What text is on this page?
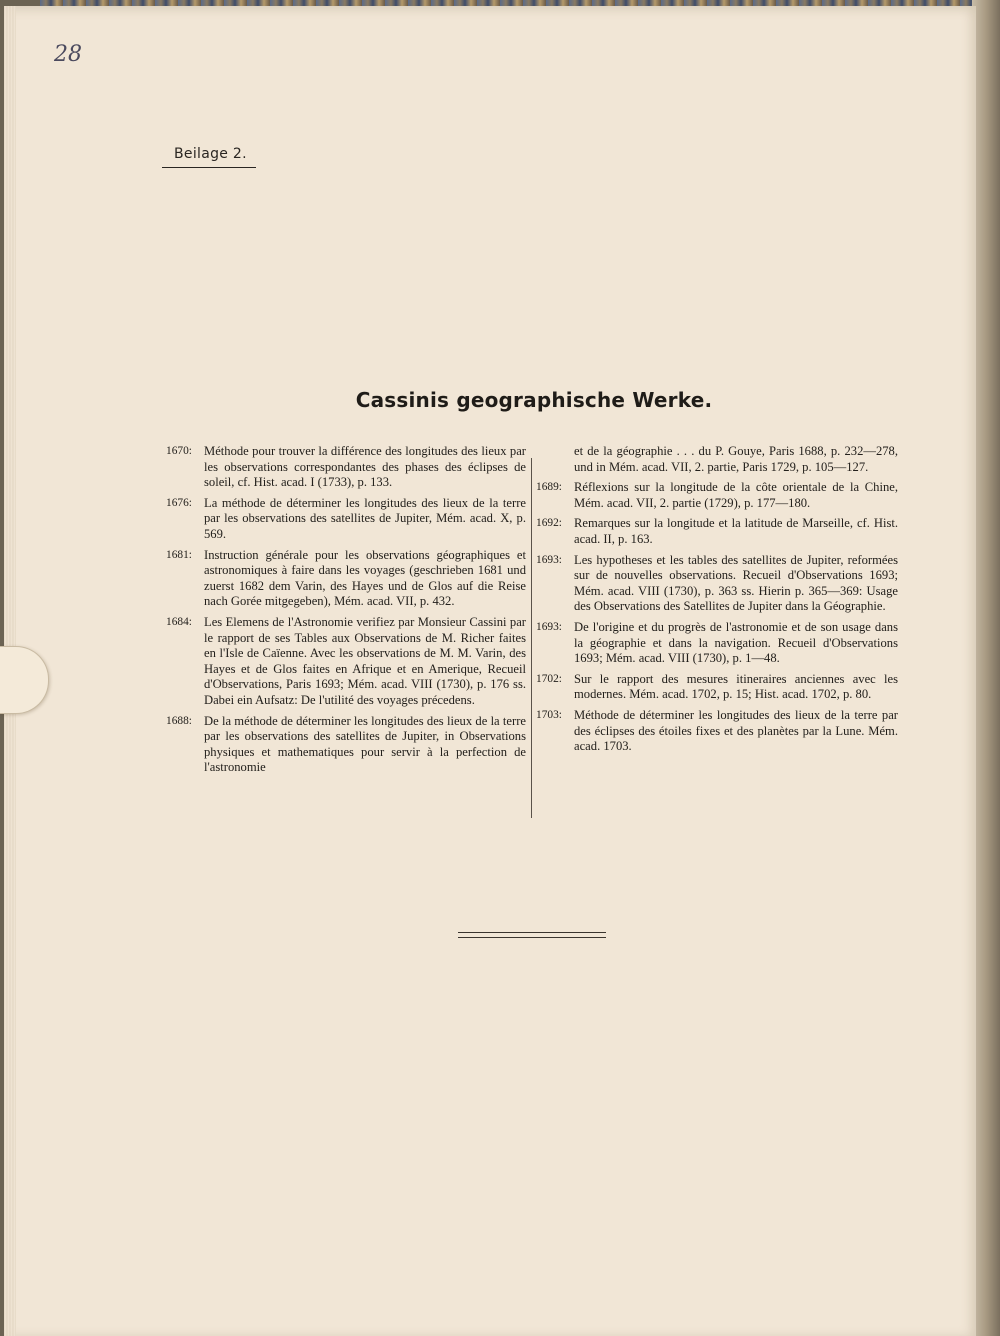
28

Beilage 2.

Cassinis geographische Werke.
1670: Méthode pour trouver la différence des longitudes des lieux par les observations correspondantes des phases des éclipses de soleil, cf. Hist. acad. I (1733), p. 133.
1676: La méthode de déterminer les longitudes des lieux de la terre par les observations des satellites de Jupiter, Mém. acad. X, p. 569.
1681: Instruction générale pour les observations géographiques et astronomiques à faire dans les voyages (geschrieben 1681 und zuerst 1682 dem Varin, des Hayes und de Glos auf die Reise nach Gorée mitgegeben), Mém. acad. VII, p. 432.
1684: Les Elemens de l'Astronomie verifiez par Monsieur Cassini par le rapport de ses Tables aux Observations de M. Richer faites en l'Isle de Caïenne. Avec les observations de M. M. Varin, des Hayes et de Glos faites en Afrique et en Amerique, Recueil d'Observations, Paris 1693; Mém. acad. VIII (1730), p. 176 ss. Dabei ein Aufsatz: De l'utilité des voyages précedens.
1688: De la méthode de déterminer les longitudes des lieux de la terre par les observations des satellites de Jupiter, in Observations physiques et mathematiques pour servir à la perfection de l'astronomie
et de la géographie . . . du P. Gouye, Paris 1688, p. 232—278, und in Mém. acad. VII, 2. partie, Paris 1729, p. 105—127.
1689: Réflexions sur la longitude de la côte orientale de la Chine, Mém. acad. VII, 2. partie (1729), p. 177—180.
1692: Remarques sur la longitude et la latitude de Marseille, cf. Hist. acad. II, p. 163.
1693: Les hypotheses et les tables des satellites de Jupiter, reformées sur de nouvelles observations. Recueil d'Observations 1693; Mém. acad. VIII (1730), p. 363 ss. Hierin p. 365—369: Usage des Observations des Satellites de Jupiter dans la Géographie.
1693: De l'origine et du progrès de l'astronomie et de son usage dans la géographie et dans la navigation. Recueil d'Observations 1693; Mém. acad. VIII (1730), p. 1—48.
1702: Sur le rapport des mesures itineraires anciennes avec les modernes. Mém. acad. 1702, p. 15; Hist. acad. 1702, p. 80.
1703: Méthode de déterminer les longitudes des lieux de la terre par des éclipses des étoiles fixes et des planètes par la Lune. Mém. acad. 1703.
